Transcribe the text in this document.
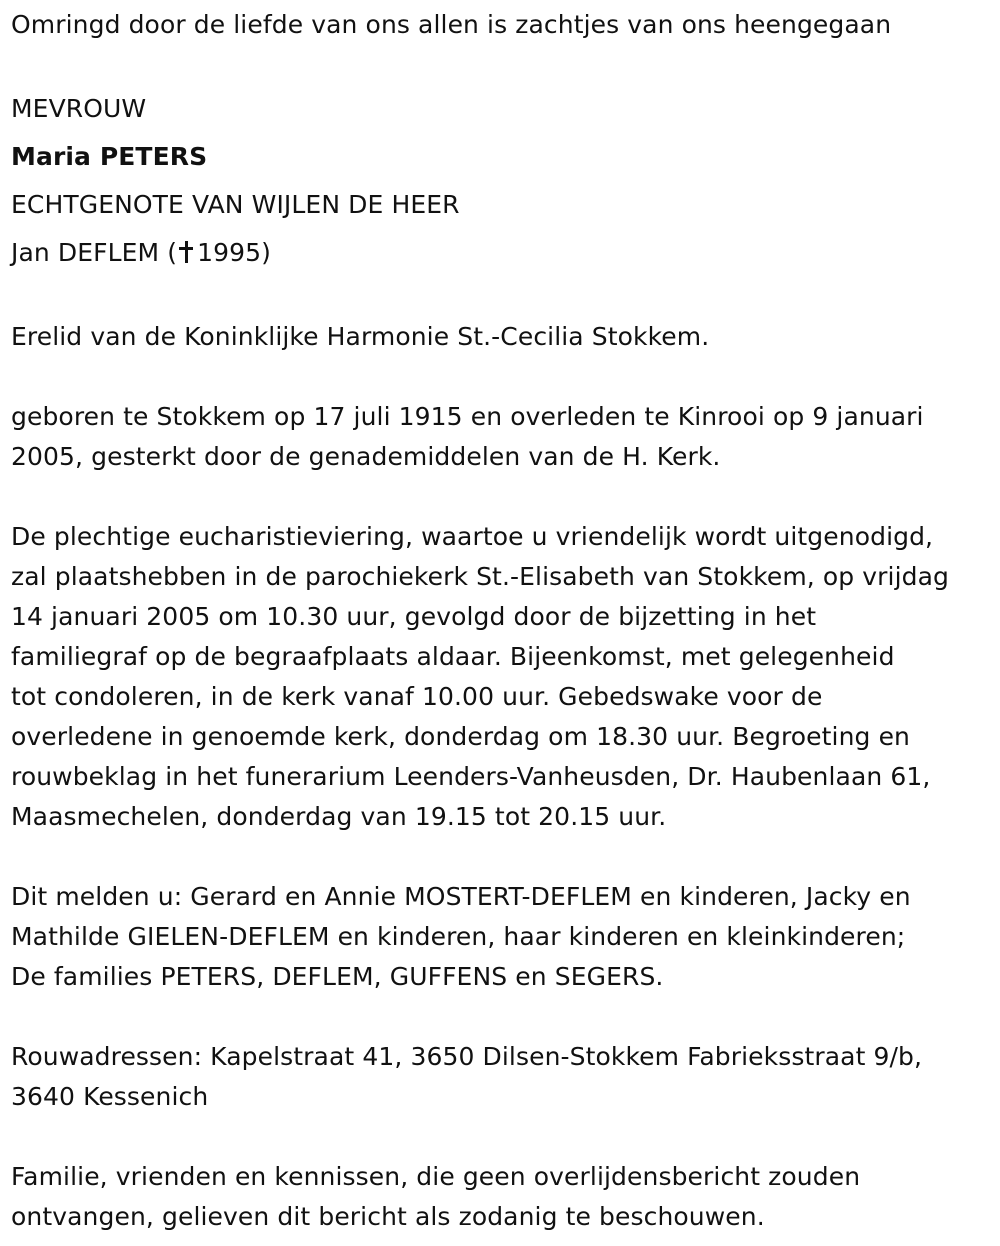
Omringd door de liefde van ons allen is zachtjes van ons heengegaan

MEVROUW

Maria PETERS

ECHTGENOTE VAN WIJLEN DE HEER

Jan DEFLEM ( 1995)

Erelid van de Koninklijke Harmonie St.-Cecilia Stokkem.

geboren te Stokkem op 17 juli 1915 en overleden te Kinrooi op 9 januari

2005, gesterkt door de genademiddelen van de H. Kerk.

De plechtige eucharistieviering, waartoe u vriendelijk wordt uitgenodigd,

zal plaatshebben in de parochiekerk St.-Elisabeth van Stokkem, op vrijdag

14 januari 2005 om 10.30 uur, gevolgd door de bijzetting in het

familiegraf op de begraafplaats aldaar. Bijeenkomst, met gelegenheid

tot condoleren, in de kerk vanaf 10.00 uur. Gebedswake voor de

overledene in genoemde kerk, donderdag om 18.30 uur. Begroeting en

rouwbeklag in het funerarium Leenders-Vanheusden, Dr. Haubenlaan 61,

Maasmechelen, donderdag van 19.15 tot 20.15 uur.

Dit melden u: Gerard en Annie MOSTERT-DEFLEM en kinderen, Jacky en

Mathilde GIELEN-DEFLEM en kinderen, haar kinderen en kleinkinderen;

De families PETERS, DEFLEM, GUFFENS en SEGERS.

Rouwadressen: Kapelstraat 41, 3650 Dilsen-Stokkem Fabrieksstraat 9/b,

3640 Kessenich

Familie, vrienden en kennissen, die geen overlijdensbericht zouden

ontvangen, gelieven dit bericht als zodanig te beschouwen.
